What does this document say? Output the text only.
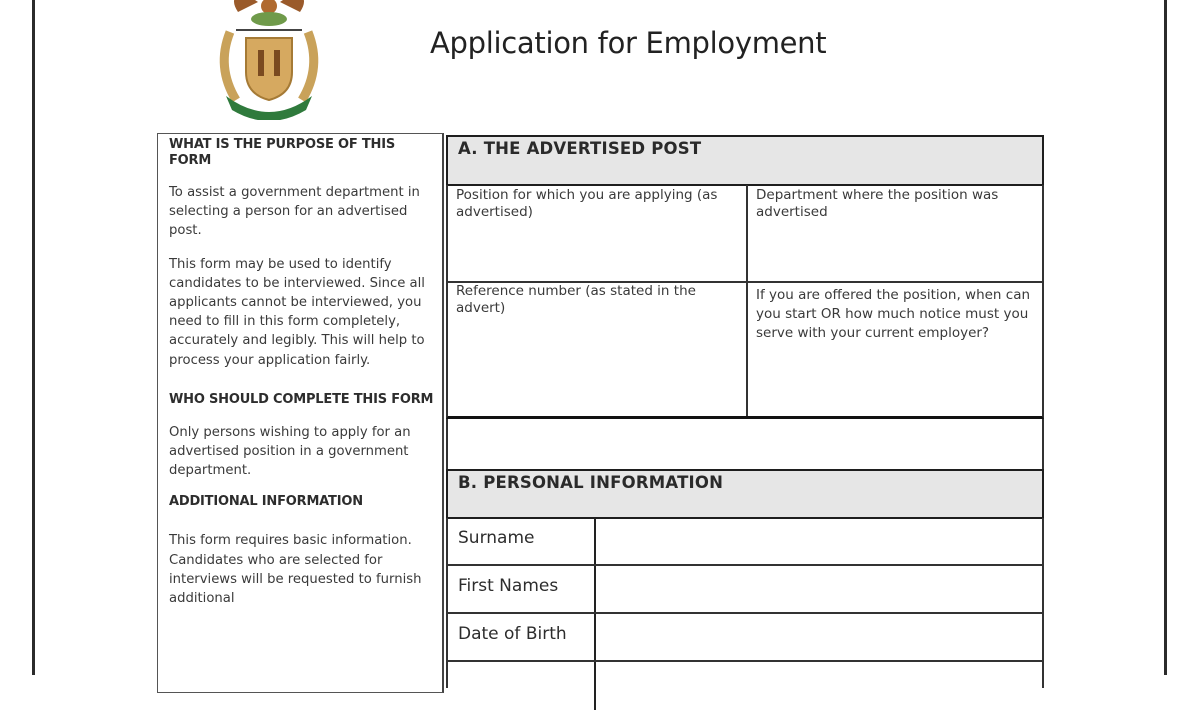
Application for Employment
WHAT IS THE PURPOSE OF THIS FORM
To assist a government department in selecting a person for an advertised post.
This form may be used to identify candidates to be interviewed. Since all applicants cannot be interviewed, you need to fill in this form completely, accurately and legibly. This will help to process your application fairly.
WHO SHOULD COMPLETE THIS FORM
Only persons wishing to apply for an advertised position in a government department.
ADDITIONAL INFORMATION
This form requires basic information. Candidates who are selected for interviews will be requested to furnish additional
A. THE ADVERTISED POST
Position for which you are applying (as advertised)
Department where the position was advertised
Reference number (as stated in the advert)
If you are offered the position, when can you start OR how much notice must you serve with your current employer?
B. PERSONAL INFORMATION
Surname
First Names
Date of Birth
